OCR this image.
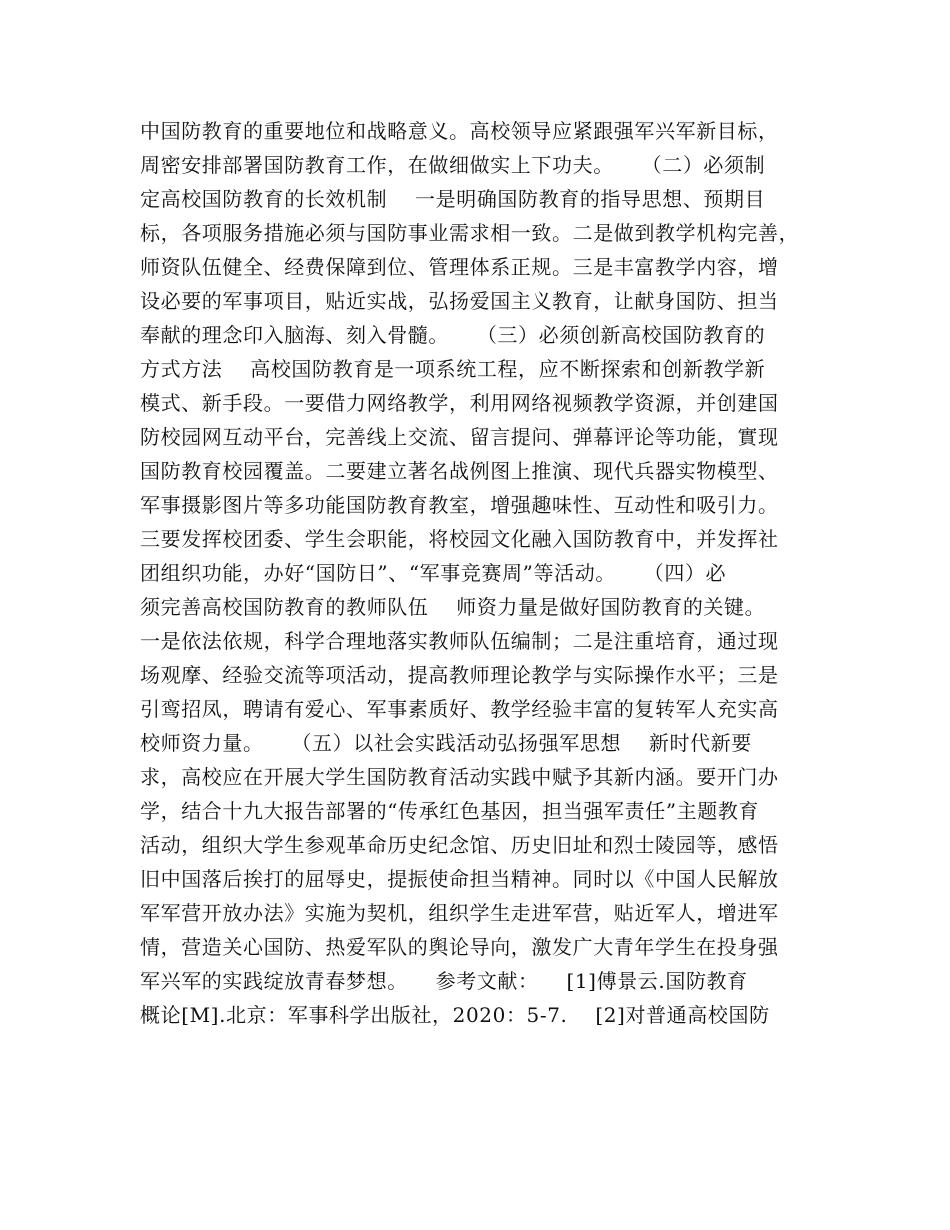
中国防教育的重要地位和战略意义。高校领导应紧跟强军兴军新目标，
周密安排部署国防教育工作，在做细做实上下功夫。    （二）必须制
定高校国防教育的长效机制    一是明确国防教育的指导思想、预期目
标，各项服务措施必须与国防事业需求相一致。二是做到教学机构完善，
师资队伍健全、经费保障到位、管理体系正规。三是丰富教学内容，增
设必要的军事项目，贴近实战，弘扬爱国主义教育，让献身国防、担当
奉献的理念印入脑海、刻入骨髓。    （三）必须创新高校国防教育的
方式方法    高校国防教育是一项系统工程，应不断探索和创新教学新
模式、新手段。一要借力网络教学，利用网络视频教学资源，并创建国
防校园网互动平台，完善线上交流、留言提问、弹幕评论等功能，實现
国防教育校园覆盖。二要建立著名战例图上推演、现代兵器实物模型、
军事摄影图片等多功能国防教育教室，增强趣味性、互动性和吸引力。
三要发挥校团委、学生会职能，将校园文化融入国防教育中，并发挥社
团组织功能，办好“国防日”、“军事竞赛周”等活动。    （四）必
须完善高校国防教育的教师队伍    师资力量是做好国防教育的关键。
一是依法依规，科学合理地落实教师队伍编制；二是注重培育，通过现
场观摩、经验交流等项活动，提高教师理论教学与实际操作水平；三是
引鸾招凤，聘请有爱心、军事素质好、教学经验丰富的复转军人充实高
校师资力量。    （五）以社会实践活动弘扬强军思想    新时代新要
求，高校应在开展大学生国防教育活动实践中赋予其新内涵。要开门办
学，结合十九大报告部署的“传承红色基因，担当强军责任”主题教育
活动，组织大学生参观革命历史纪念馆、历史旧址和烈士陵园等，感悟
旧中国落后挨打的屈辱史，提振使命担当精神。同时以《中国人民解放
军军营开放办法》实施为契机，组织学生走进军营，贴近军人，增进军
情，营造关心国防、热爱军队的舆论导向，激发广大青年学生在投身强
军兴军的实践绽放青春梦想。    参考文献：    [1]傅景云.国防教育
概论[M].北京：军事科学出版社，2020：5-7.    [2]对普通高校国防
